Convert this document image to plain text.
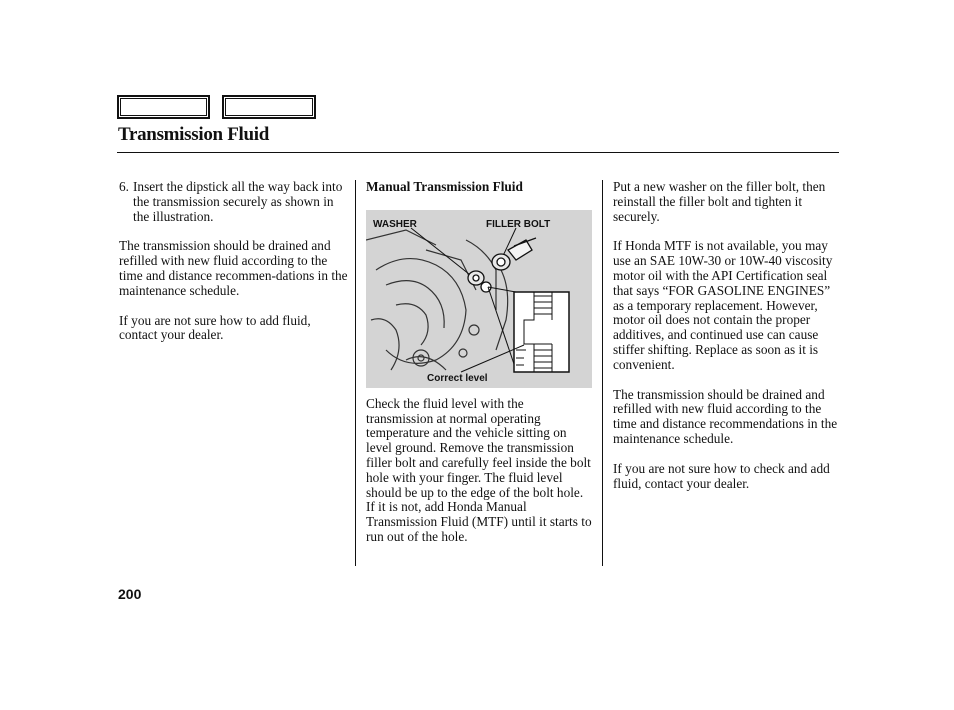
Transmission Fluid

6. Insert the dipstick all the way back into the transmission securely as shown in the illustration.

The transmission should be drained and refilled with new fluid according to the time and distance recommen-dations in the maintenance schedule.

If you are not sure how to add fluid, contact your dealer.

Manual Transmission Fluid

WASHER	FILLER BOLT
Correct level

Check the fluid level with the transmission at normal operating temperature and the vehicle sitting on level ground. Remove the transmission filler bolt and carefully feel inside the bolt hole with your finger. The fluid level should be up to the edge of the bolt hole. If it is not, add Honda Manual Transmission Fluid (MTF) until it starts to run out of the hole.

Put a new washer on the filler bolt, then reinstall the filler bolt and tighten it securely.

If Honda MTF is not available, you may use an SAE 10W-30 or 10W-40 viscosity motor oil with the API Certification seal that says “FOR GASOLINE ENGINES” as a temporary replacement. However, motor oil does not contain the proper additives, and continued use can cause stiffer shifting. Replace as soon as it is convenient.

The transmission should be drained and refilled with new fluid according to the time and distance recommendations in the maintenance schedule.

If you are not sure how to check and add fluid, contact your dealer.

200
